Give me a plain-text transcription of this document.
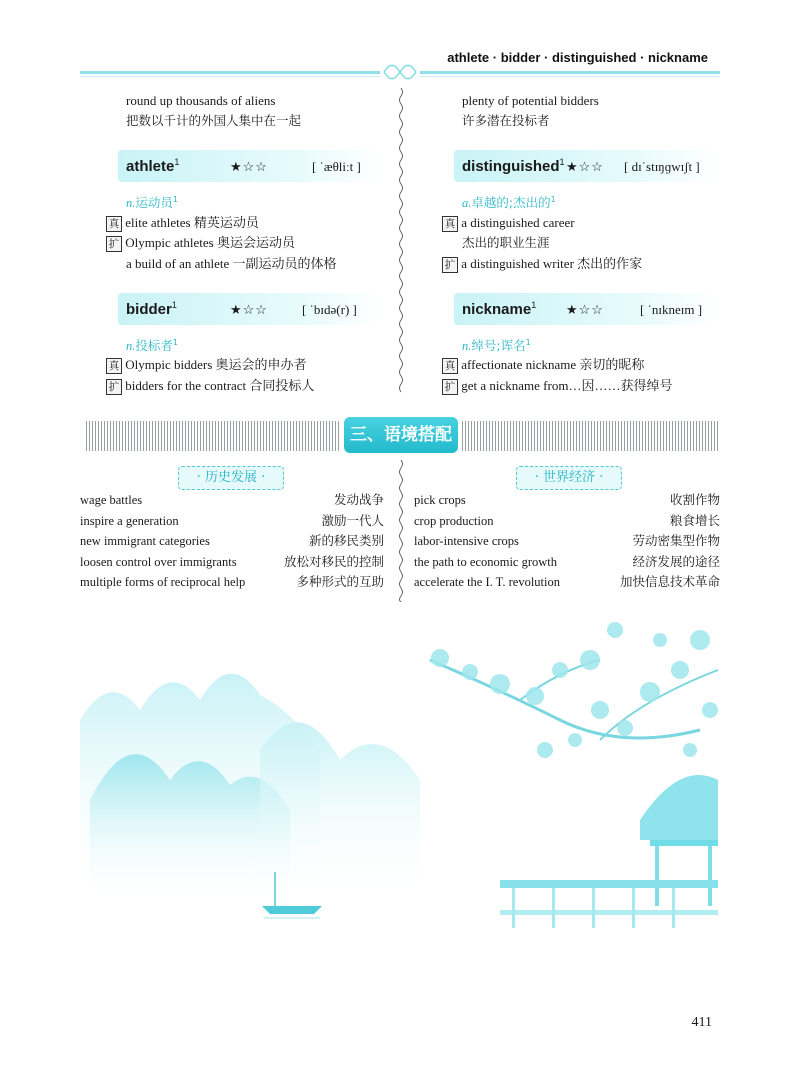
athlete · bidder · distinguished · nickname
round up thousands of aliens
把数以千计的外国人集中在一起
athlete$^1$	★☆☆	[ ˈæθliːt ]
n.运动员$^1$
真 elite athletes 精英运动员
扩 Olympic athletes 奥运会运动员
a build of an athlete 一副运动员的体格
bidder$^1$	★☆☆	[ ˈbɪdə(r) ]
n.投标者$^1$
真 Olympic bidders 奥运会的申办者
扩 bidders for the contract 合同投标人
plenty of potential bidders
许多潜在投标者
distinguished$^1$ ★☆☆ [ dɪˈstɪŋɡwɪʃt ]
a.卓越的;杰出的$^1$
真 a distinguished career
杰出的职业生涯
扩 a distinguished writer 杰出的作家
nickname$^1$ ★☆☆	[ ˈnɪkneɪm ]
n.绰号;诨名$^1$
真 affectionate nickname 亲切的昵称
扩 get a nickname from…因……获得绰号
三、语境搭配
· 历史发展 ·	· 世界经济 ·
wage battles	发动战争
inspire a generation	激励一代人
new immigrant categories	新的移民类别
loosen control over immigrants	放松对移民的控制
multiple forms of reciprocal help	多种形式的互助
pick crops	收割作物
crop production	粮食增长
labor-intensive crops	劳动密集型作物
the path to economic growth	经济发展的途径
accelerate the I. T. revolution	加快信息技术革命
411
